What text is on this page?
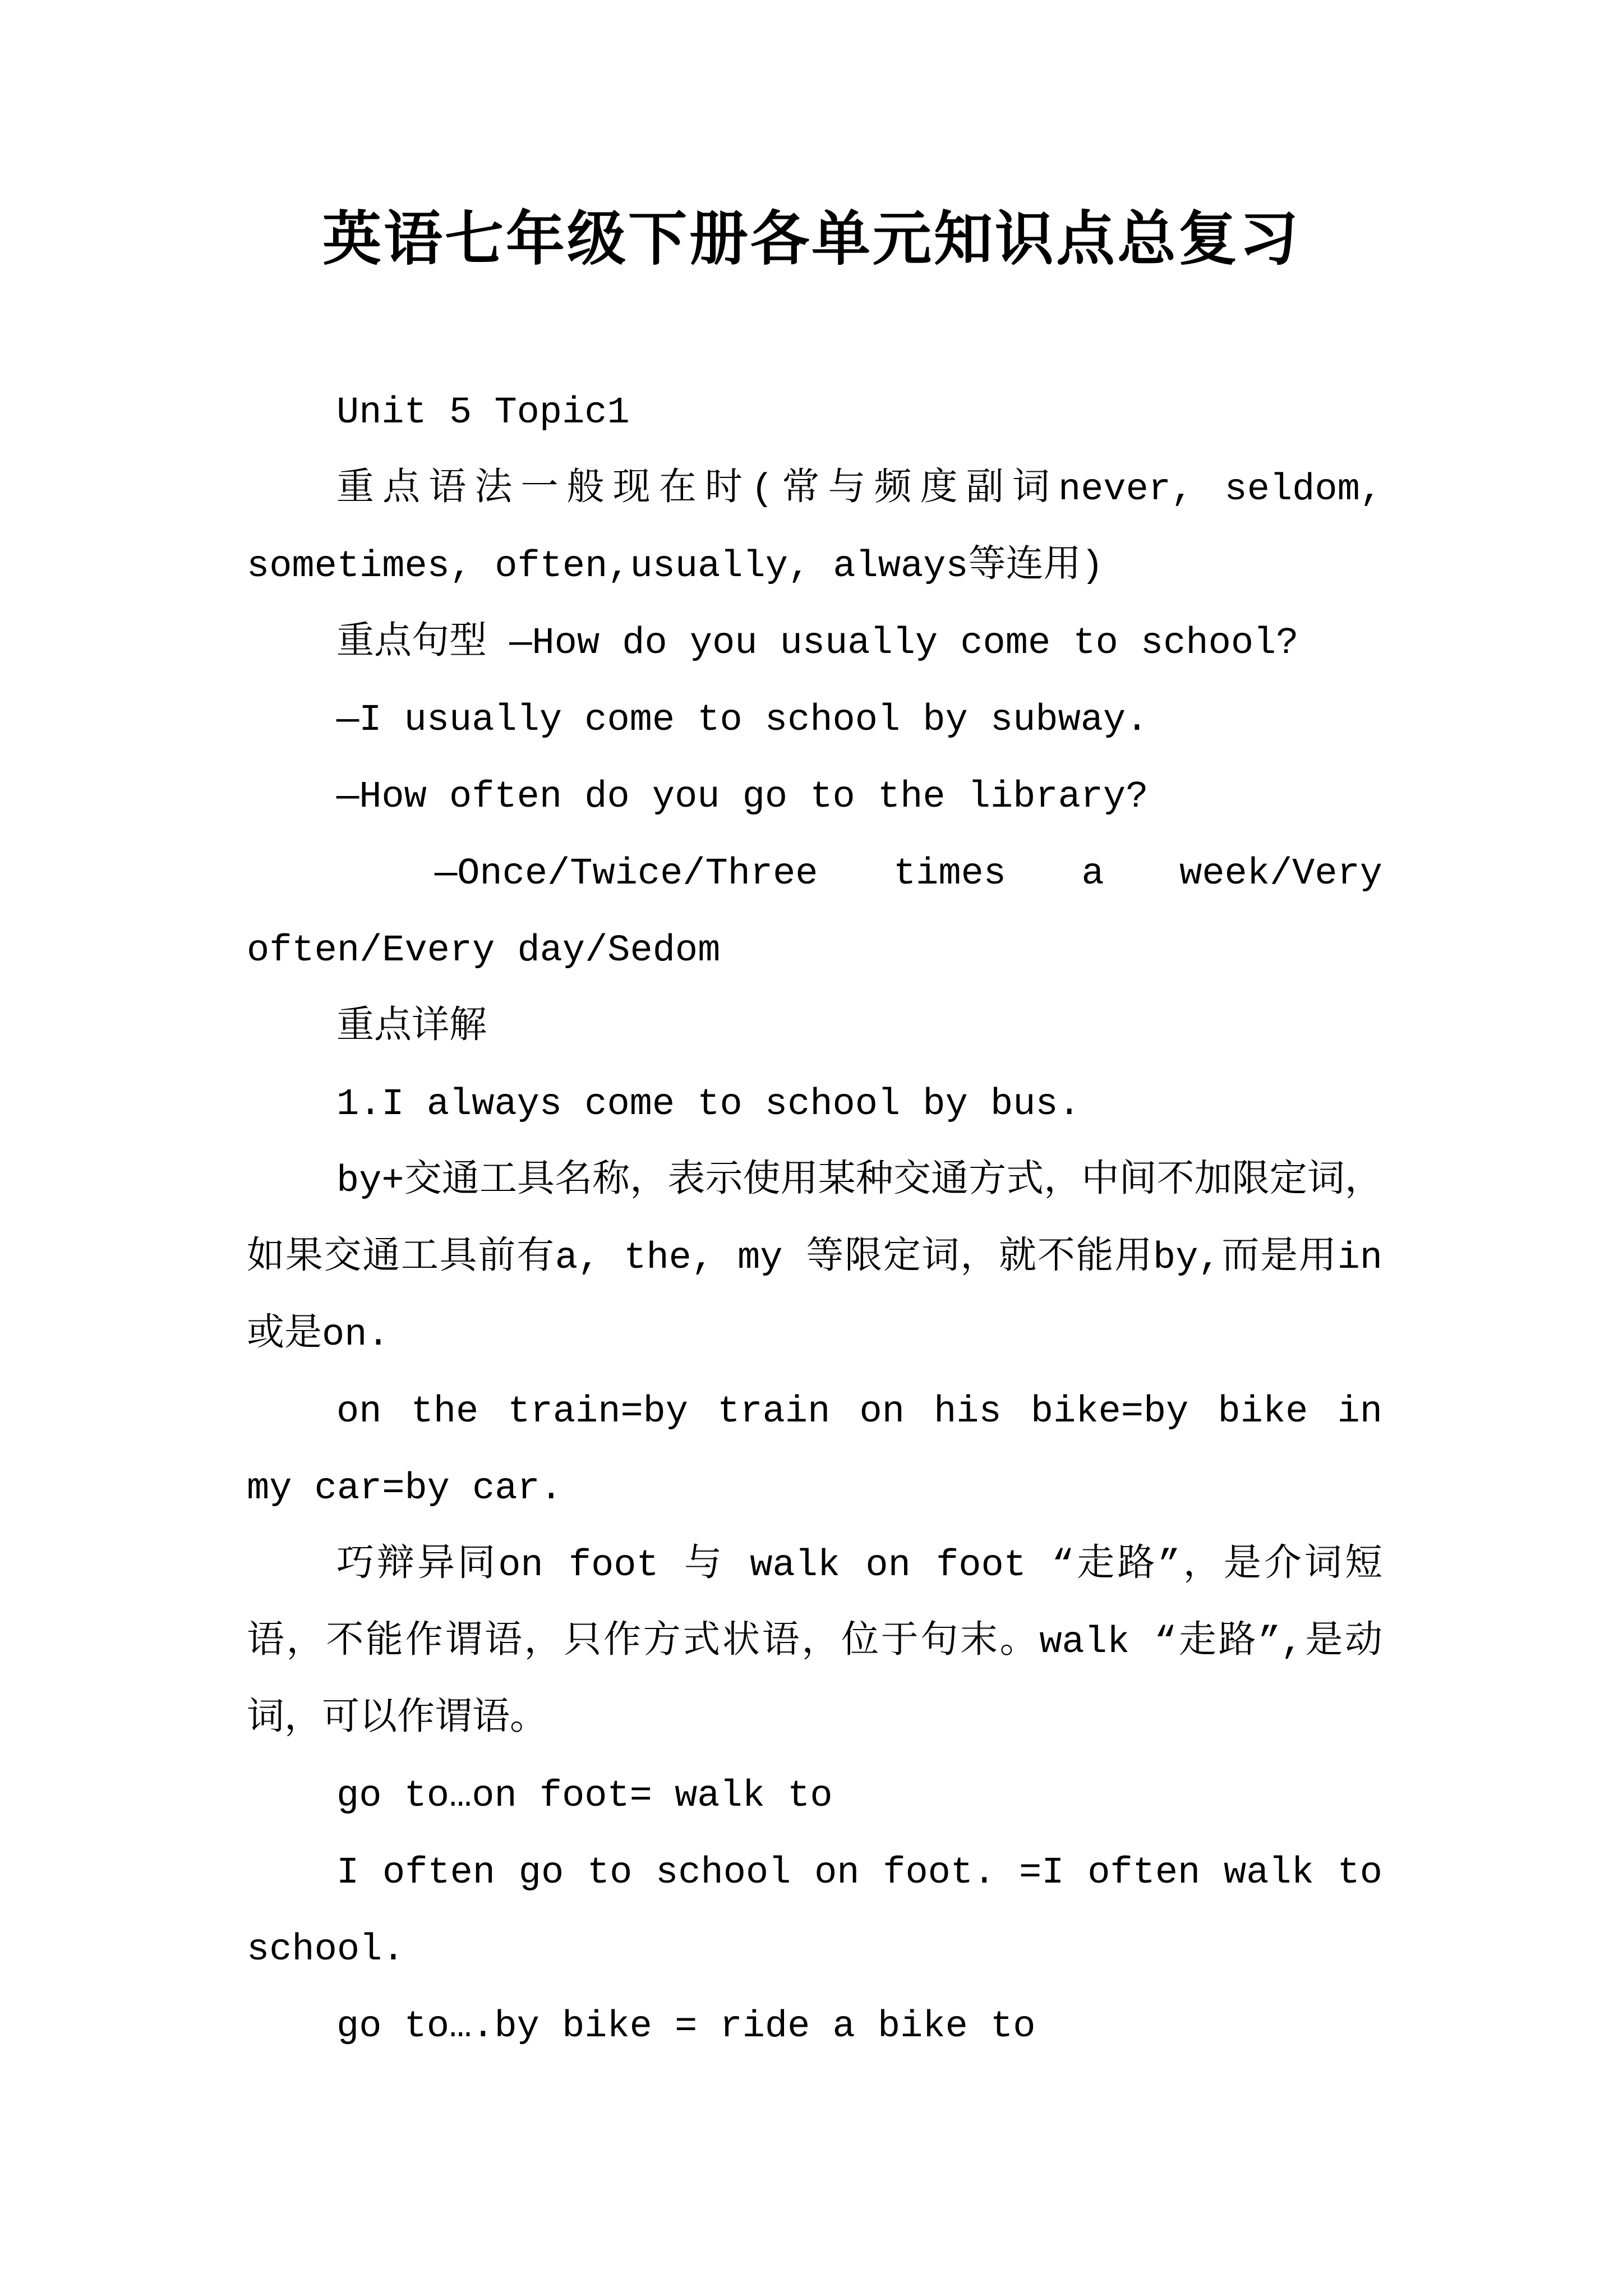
英语七年级下册各单元知识点总复习

Unit 5 Topic1

重点语法一般现在时(常与频度副词never, seldom, sometimes, often,usually, always等连用)

重点句型 —How do you usually come to school?

—I usually come to school by subway.

—How often do you go to the library?

—Once/Twice/Three times a week/Very often/Every day/Sedom

重点详解

1.I always come to school by bus.

by+交通工具名称，表示使用某种交通方式，中间不加限定词，如果交通工具前有a, the, my 等限定词，就不能用by,而是用in或是on.

on the train=by train on his bike=by bike in my car=by car.

巧辩异同on foot 与 walk on foot “走路”，是介词短语，不能作谓语，只作方式状语，位于句末。walk “走路”,是动词，可以作谓语。

go to…on foot= walk to

I often go to school on foot. =I often walk to school.

go to….by bike = ride a bike to
